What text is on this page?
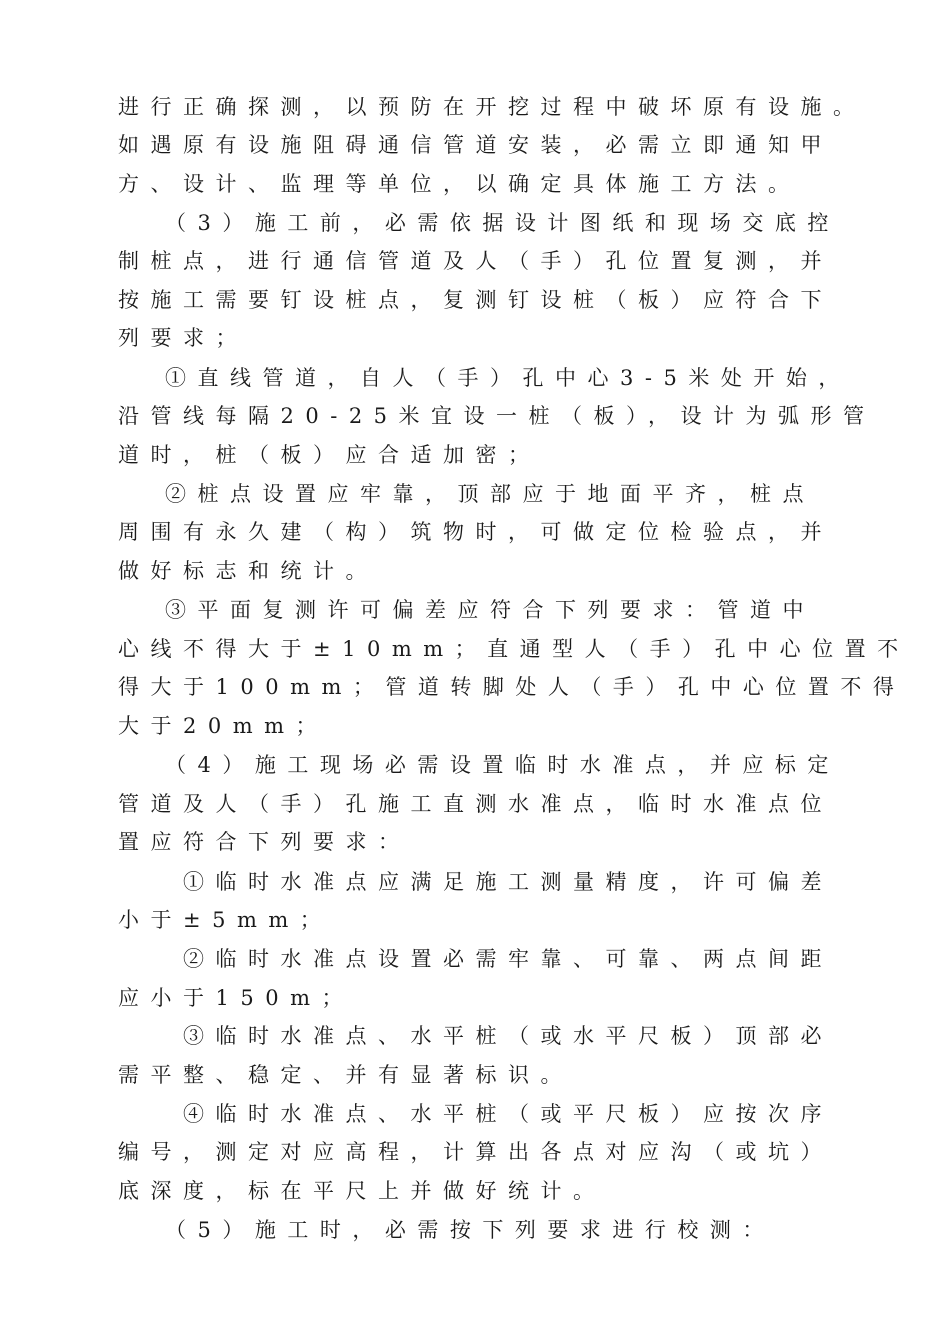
进行正确探测，以预防在开挖过程中破坏原有设施。
如遇原有设施阻碍通信管道安装，必需立即通知甲
方、设计、监理等单位，以确定具体施工方法。
（3）施工前，必需依据设计图纸和现场交底控
制桩点，进行通信管道及人（手）孔位置复测，并
按施工需要钉设桩点，复测钉设桩（板）应符合下
列要求；
①直线管道，自人（手）孔中心3-5米处开始，
沿管线每隔20-25米宜设一桩（板），设计为弧形管
道时，桩（板）应合适加密；
②桩点设置应牢靠，顶部应于地面平齐，桩点
周围有永久建（构）筑物时，可做定位检验点，并
做好标志和统计。
③平面复测许可偏差应符合下列要求：管道中
心线不得大于±10mm；直通型人（手）孔中心位置不
得大于100mm；管道转脚处人（手）孔中心位置不得
大于20mm；
（4）施工现场必需设置临时水准点，并应标定
管道及人（手）孔施工直测水准点，临时水准点位
置应符合下列要求：
①临时水准点应满足施工测量精度，许可偏差
小于±5mm；
②临时水准点设置必需牢靠、可靠、两点间距
应小于150m；
③临时水准点、水平桩（或水平尺板）顶部必
需平整、稳定、并有显著标识。
④临时水准点、水平桩（或平尺板）应按次序
编号，测定对应高程，计算出各点对应沟（或坑）
底深度，标在平尺上并做好统计。
（5）施工时，必需按下列要求进行校测：
